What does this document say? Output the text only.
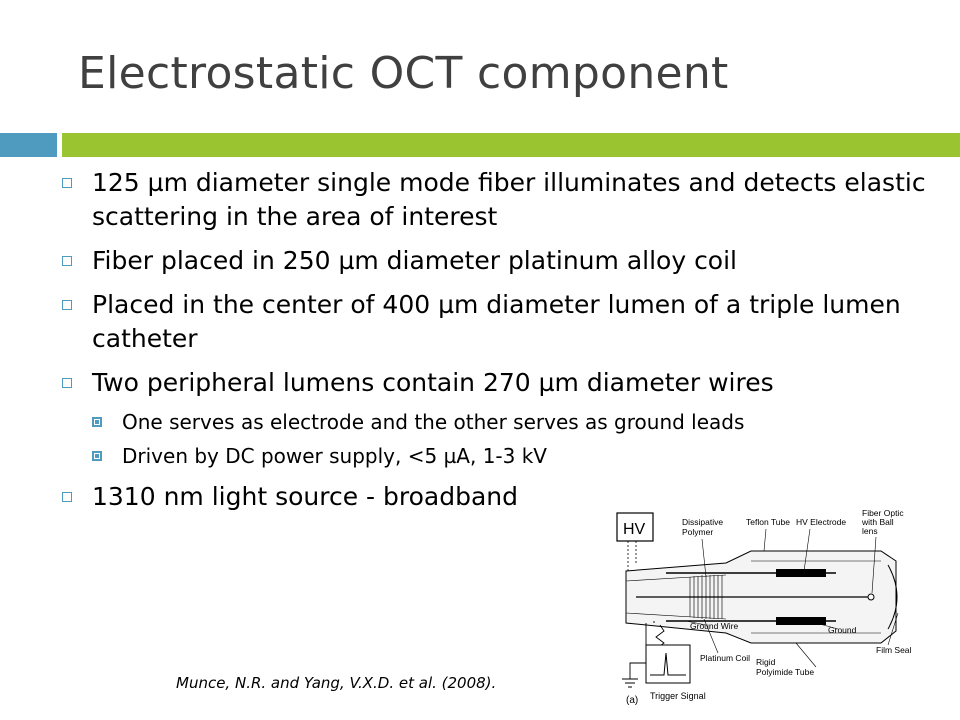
Electrostatic OCT component
125 µm diameter single mode fiber illuminates and detects elastic scattering in the area of interest
Fiber placed in 250 µm diameter platinum alloy coil
Placed in the center of 400 µm diameter lumen of a triple lumen catheter
Two peripheral lumens contain 270 µm diameter wires
One serves as electrode and the other serves as ground leads
Driven by DC power supply, <5 µA, 1-3 kV
1310 nm light source - broadband
HV	Dissipative
Polymer
Teflon Tube HV Electrode
Fiber Optic
with Ball
lens
Ground Wire
Platinum Coil
Ground
Rigid
Polyimide Tube
Film Seal
Trigger Signal
(a)
Munce, N.R. and Yang, V.X.D. et al. (2008).
